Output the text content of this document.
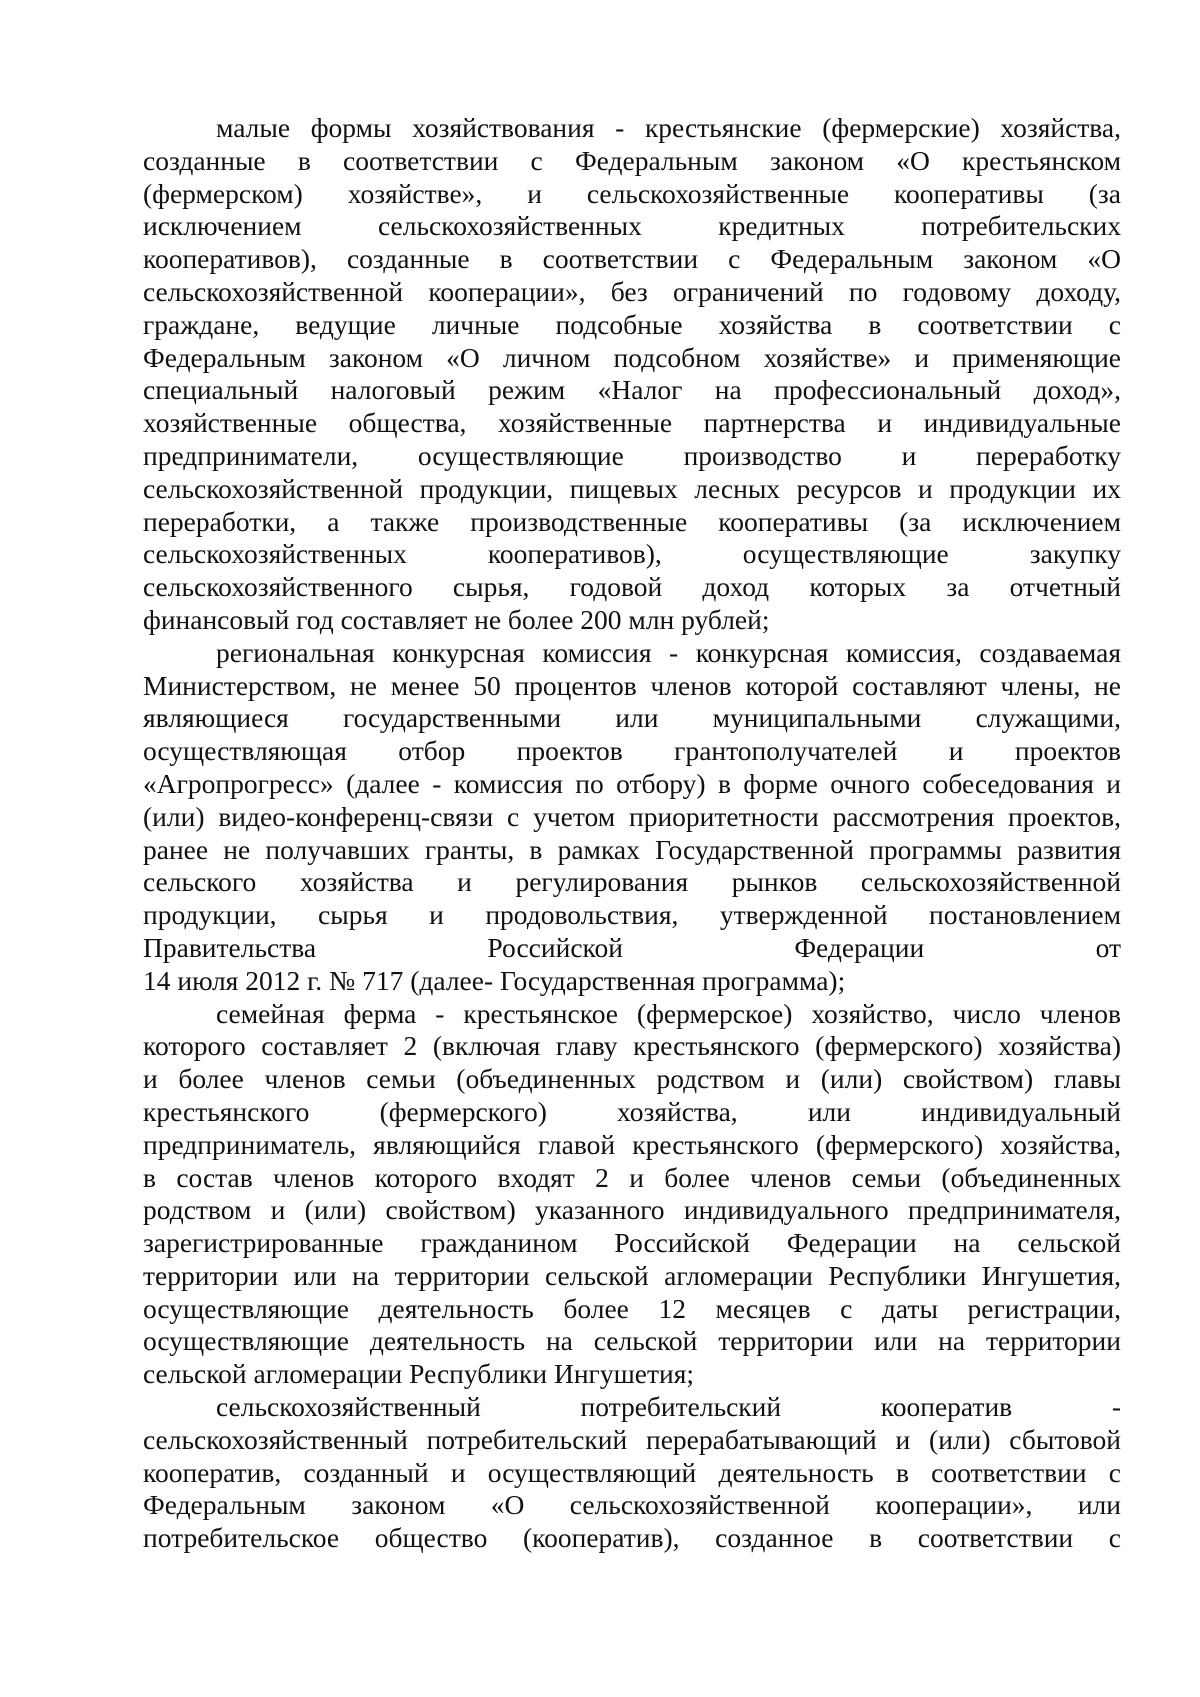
малые формы хозяйствования - крестьянские (фермерские) хозяйства,
созданные в соответствии с Федеральным законом «О крестьянском
(фермерском) хозяйстве», и сельскохозяйственные кооперативы (за
исключением сельскохозяйственных кредитных потребительских
кооперативов), созданные в соответствии с Федеральным законом «О
сельскохозяйственной кооперации», без ограничений по годовому доходу,
граждане, ведущие личные подсобные хозяйства в соответствии с
Федеральным законом «О личном подсобном хозяйстве» и применяющие
специальный налоговый режим «Налог на профессиональный доход»,
хозяйственные общества, хозяйственные партнерства и индивидуальные
предприниматели, осуществляющие производство и переработку
сельскохозяйственной продукции, пищевых лесных ресурсов и продукции их
переработки, а также производственные кооперативы (за исключением
сельскохозяйственных кооперативов), осуществляющие закупку
сельскохозяйственного сырья, годовой доход которых за отчетный
финансовый год составляет не более 200 млн рублей;
региональная конкурсная комиссия - конкурсная комиссия, создаваемая
Министерством, не менее 50 процентов членов которой составляют члены, не
являющиеся государственными или муниципальными служащими,
осуществляющая отбор проектов грантополучателей и проектов
«Агропрогресс» (далее - комиссия по отбору) в форме очного собеседования и
(или) видео-конференц-связи с учетом приоритетности рассмотрения проектов,
ранее не получавших гранты, в рамках Государственной программы развития
сельского хозяйства и регулирования рынков сельскохозяйственной
продукции, сырья и продовольствия, утвержденной постановлением
Правительства Российской Федерации от
14 июля 2012 г. № 717 (далее- Государственная программа);
семейная ферма - крестьянское (фермерское) хозяйство, число членов
которого составляет 2 (включая главу крестьянского (фермерского) хозяйства)
и более членов семьи (объединенных родством и (или) свойством) главы
крестьянского (фермерского) хозяйства, или индивидуальный
предприниматель, являющийся главой крестьянского (фермерского) хозяйства,
в состав членов которого входят 2 и более членов семьи (объединенных
родством и (или) свойством) указанного индивидуального предпринимателя,
зарегистрированные гражданином Российской Федерации на сельской
территории или на территории сельской агломерации Республики Ингушетия,
осуществляющие деятельность более 12 месяцев с даты регистрации,
осуществляющие деятельность на сельской территории или на территории
сельской агломерации Республики Ингушетия;
сельскохозяйственный потребительский кооператив -
сельскохозяйственный потребительский перерабатывающий и (или) сбытовой
кооператив, созданный и осуществляющий деятельность в соответствии с
Федеральным законом «О сельскохозяйственной кооперации», или
потребительское общество (кооператив), созданное в соответствии с
